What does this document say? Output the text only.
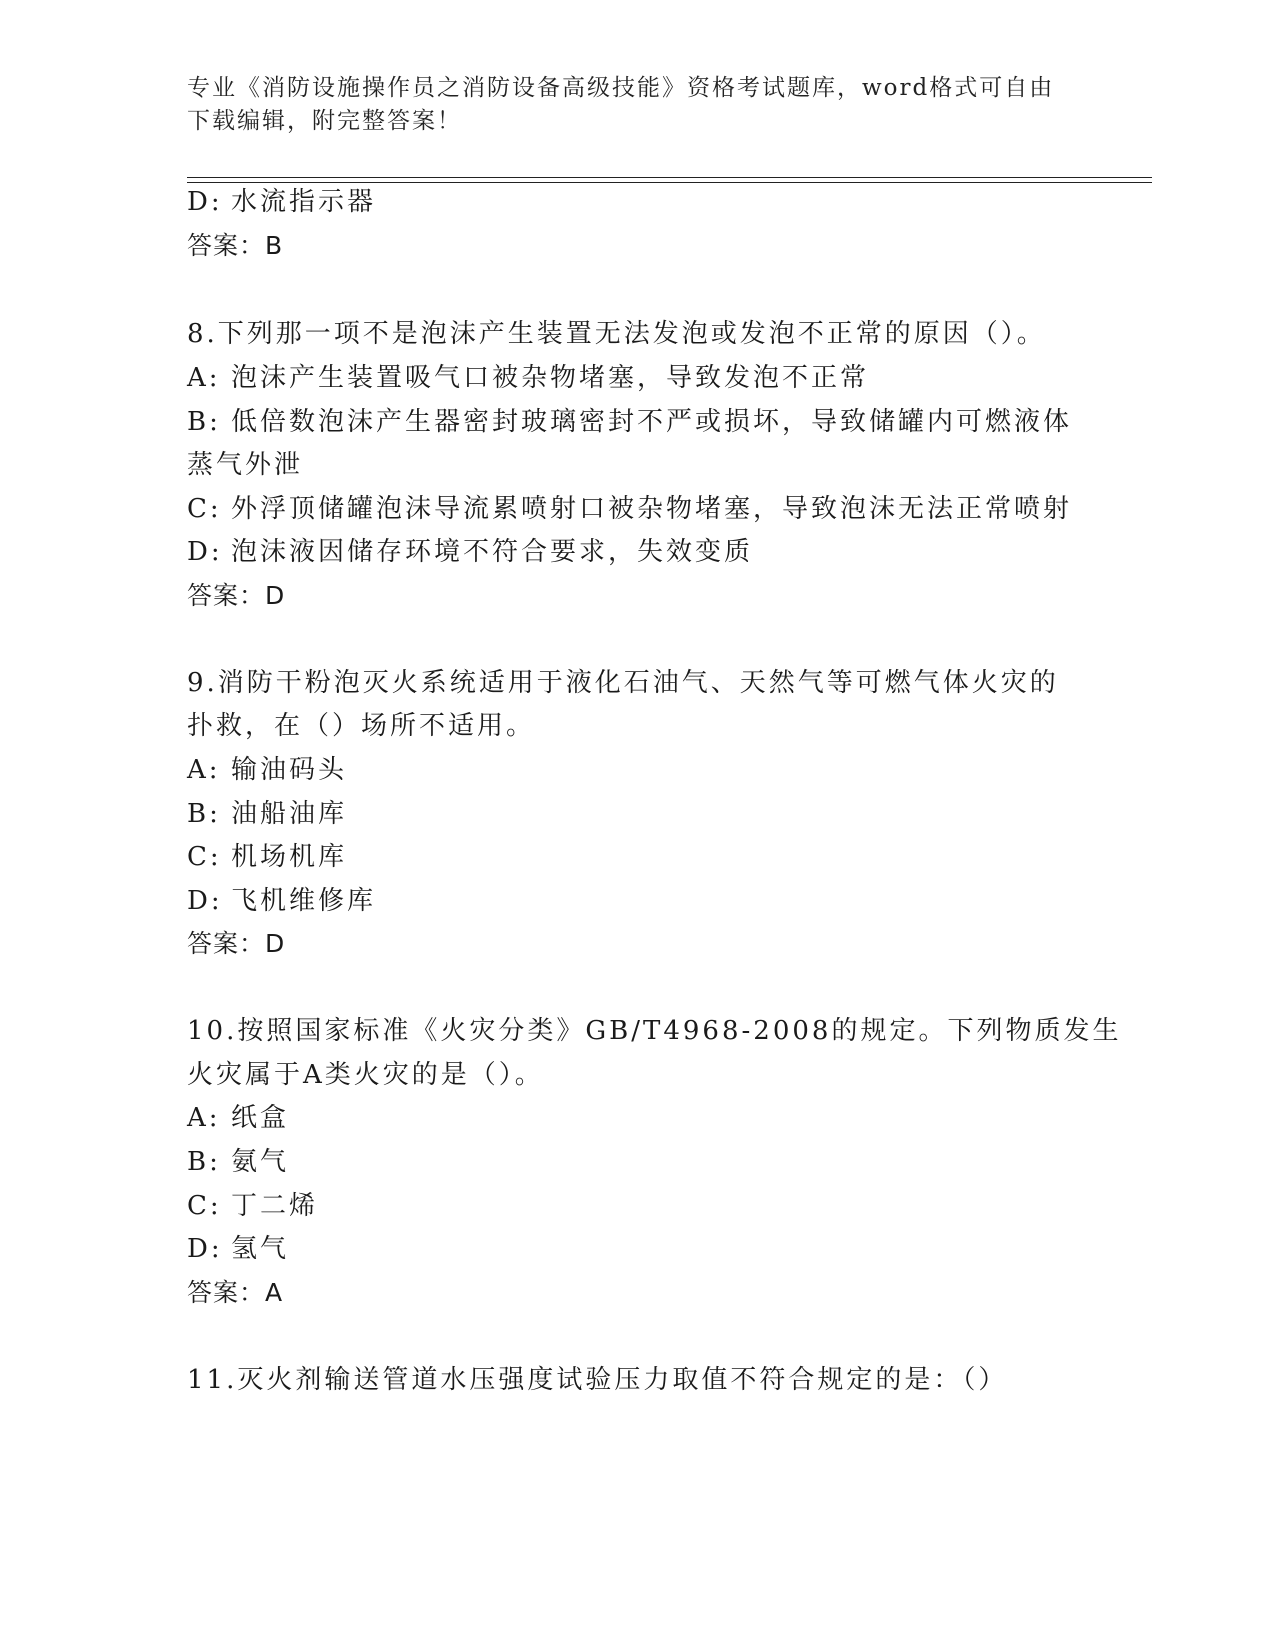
专业《消防设施操作员之消防设备高级技能》资格考试题库，word格式可自由下载编辑，附完整答案！
D: 水流指示器
答案：B
8.下列那一项不是泡沫产生装置无法发泡或发泡不正常的原因（）。
A: 泡沫产生装置吸气口被杂物堵塞，导致发泡不正常
B: 低倍数泡沫产生器密封玻璃密封不严或损坏，导致储罐内可燃液体
蒸气外泄
C: 外浮顶储罐泡沫导流累喷射口被杂物堵塞，导致泡沫无法正常喷射
D: 泡沫液因储存环境不符合要求，失效变质
答案：D
9.消防干粉泡灭火系统适用于液化石油气、天然气等可燃气体火灾的
扑救，在（）场所不适用。
A: 输油码头
B: 油船油库
C: 机场机库
D: 飞机维修库
答案：D
10.按照国家标准《火灾分类》GB/T4968-2008的规定。下列物质发生
火灾属于A类火灾的是（）。
A: 纸盒
B: 氨气
C: 丁二烯
D: 氢气
答案：A
11.灭火剂输送管道水压强度试验压力取值不符合规定的是：（）
